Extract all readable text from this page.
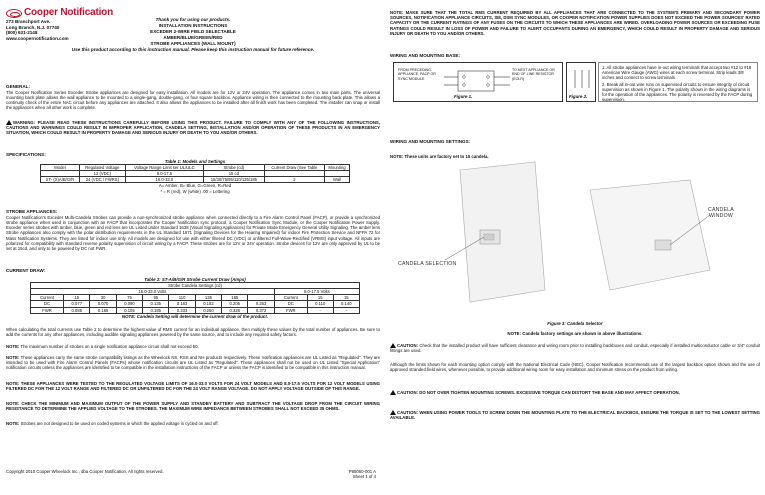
Cooper Notification
273 Branchport Ave.
Long Branch, N.J. 07740
(800) 631-2148
www.coopernotification.com
Thank you for using our products.
INSTALLATION INSTRUCTIONS
EXCEDER 2-WIRE FIELD SELECTABLE
AMBER/BLUE/GREEN/RED
STROBE APPLIANCES (WALL MOUNT)
Use this product according to this instruction manual. Please keep this instruction manual for future reference.
GENERAL:
The Cooper Notification Series Exceder Strobe appliances are designed for easy installation. All models are for 12V or 24V operation. The appliance comes in two main parts. The universal mounting back plate allows the wall appliance to be mounted to a single-gang, double-gang, or four square backbox. Appliance wiring is then connected to the mounting back plate. This allows a continuity check of the entire NAC circuit before any appliances are attached. It also allows the appliances to be installed after all finish work has been completed. The installer can snap or install the appliances when all other work is complete.
WARNING: PLEASE READ THESE INSTRUCTIONS CAREFULLY BEFORE USING THIS PRODUCT. FAILURE TO COMPLY WITH ANY OF THE FOLLOWING INSTRUCTIONS, CAUTIONS AND WARNINGS COULD RESULT IN IMPROPER APPLICATION, CANDELA SETTING, INSTALLATION AND/OR OPERATION OF THESE PRODUCTS IN AN EMERGENCY SITUATION, WHICH COULD RESULT IN PROPERTY DAMAGE AND SERIOUS INJURY OR DEATH TO YOU AND/OR OTHERS.
SPECIFICATIONS:
Table 1: Models and Settings
Model	Regulated Voltage	Voltage Range Limit ser UL/ULC	Strobe (cd)	Current Draw (See Table	Mounting
	12 (VDC)	8.0-17.5	15 cd		
ST- (X)A/B/G/R	24 (VDC / FWRS)	16.0-33.0	15/30/75/95/110/135/185	2	Wall
A= Amber, B= Blue, G=Green, R=Red
* = R (red), W (white) .00 = Lettering
STROBE APPLIANCES:
Cooper Notification's Exceder Multi-Candela Strobes can provide a non-synchronized strobe appliance when connected directly to a Fire Alarm Control Panel (FACP), or provide a synchronized strobe appliance when used in conjunction with an FACP that incorporates the Cooper Notification sync protocol, a Cooper Notification Sync Module, or the Cooper Notification Power Supply. Exceder series strobes with amber, blue, green and red lens are UL Listed under Standard 1638 (Visual Signaling Appliances) for Private Mode Emergency General Utility Signaling. The amber lens Strobe Appliances also comply with the polar distribution requirements in the UL Standard 1971 (Signaling Devices for the Hearing Impaired) for indoor Fire Protection Service and NFPA 72 for Mass Notification Systems. They are listed for indoor use only. All models are designed for use with either filtered DC (VDC) or unfiltered Full-Wave-Rectified (VRMS) input voltage. All inputs are polarized for compatibility with standard reverse polarity supervision of circuit wiring by a FACP. These strobes are for 12V or 24V operation. Strobe devices for 12V are only approved by UL to be set at 15cd, and only to be powered by DC not FWR.
CURRENT DRAW:
Table 2: ST-A/B/G/R Strobe Current Draw (Amps)
Strobe Candela Settings (cd)											
16.0-33.0 Volts									8.0-17.5 Volts		
Current	15	30	75	95	110	135	185		Current	15	15
DC	0.077	0.070	0.090	0.135	0.163	0.182	0.205	0.253	DC	0.110	0.140
FWR	0.085	0.165	0.105	0.185	0.233	0.250	0.328	0.372	FWR	-	-
NOTE: Candela Setting will determine the current draw of the product.
When calculating the total currents use Table 2 to determine the highest value of RMS current for an individual appliance, then multiply these values by the total number of appliances. Be sure to add the currents for any other appliances, including audible signaling appliances powered by the same source, and to include any required safety factors.
NOTE: The maximum number of strobes on a single notification appliance circuit shall not exceed 50.
NOTE: These appliances carry the same strobe compatibility listings as the Wheelock NS, RSS and NH products respectively. These notification appliances are UL Listed as "Regulated". They are intended to be used with Fire Alarm Control Panels (FACPs) whose notification circuits are UL Listed as "Regulated". These appliances shall not be used on UL Listed "Special Application" notification circuits unless the appliances are identified to be compatible in the installation instructions of the FACP or unless the FACP is identified to be compatible in this instruction manual.
NOTE: THESE APPLIANCES WERE TESTED TO THE REGULATED VOLTAGE LIMITS OF 16.0-33.0 VOLTS FOR 24 VOLT MODELS AND 8.0-17.5 VOLTS FOR 12 VOLT MODELS USING FILTERED DC FOR THE 12 VOLT RANGE AND FILTERED DC OR UNFILTERED DC FOR THE 24 VOLT RANGE VOLTAGE. DO NOT APPLY VOLTAGE OUTSIDE OF THIS RANGE.
NOTE: CHECK THE MINIMUM AND MAXIMUM OUTPUT OF THE POWER SUPPLY AND STANDBY BATTERY AND SUBTRACT THE VOLTAGE DROP FROM THE CIRCUIT WIRING RESISTANCE TO DETERMINE THE APPLIED VOLTAGE TO THE STROBES. THE MAXIMUM WIRE IMPEDANCE BETWEEN STROBES SHALL NOT EXCEED 35 OHMS.
NOTE: Strobes are not designed to be used on coded systems in which the applied voltage is cycled on and off.
Copyright 2010 Cooper Wheelock Inc., dba Cooper Notification. All rights reserved.	P85060-001 A
Sheet 1 of 4
NOTE: MAKE SURE THAT THE TOTAL RMS CURRENT REQUIRED BY ALL APPLIANCES THAT ARE CONNECTED TO THE SYSTEM'S PRIMARY AND SECONDARY POWER SOURCES, NOTIFICATION APPLIANCE CIRCUITS, SM, DSM SYNC MODULES, OR COOPER NOTIFICATION POWER SUPPLIES DOES NOT EXCEED THE POWER SOURCES' RATED CAPACITY OR THE CURRENT RATINGS OF ANY FUSES ON THE CIRCUITS TO WHICH THESE APPLIANCES ARE WIRED. OVERLOADING POWER SOURCES OR EXCEEDING FUSE RATINGS COULD RESULT IN LOSS OF POWER AND FAILURE TO ALERT OCCUPANTS DURING AN EMERGENCY, WHICH COULD RESULT IN PROPERTY DAMAGE AND SERIOUS INJURY OR DEATH TO YOU AND/OR OTHERS.
WIRING AND MOUNTING BASE:
FROM PRECEDING APPLIANCE, FACP OR SYNC MODULE
TO NEXT APPLIANCE OR END OF LINE RESISTOR (EOLR)
Figure 1.	Figure 2.
1. All strobe appliances have in-out wiring terminals that accept two #12 to #18 American Wire Gauge (AWG) wires at each screw terminal. Strip leads 3/8 inches and connect to screw terminals.
2. Break all in-out wire runs on supervised circuits to ensure integrity of circuit supervision as shown in Figure 1. The polarity shown in the wiring diagrams is for the operation of the appliances. The polarity is reversed by the FACP during supervision.
WIRING AND MOUNTING SETTINGS:
NOTE: These units are factory set to 15 candela.
CANDELA SELECTION
CANDELA
WINDOW
Figure 3: Candela Selector
NOTE: Candela factory settings are shown in above illustrations.
CAUTION: Check that the installed product will have sufficient clearance and wiring room prior to installing backboxes and conduit, especially if installed multiconductor cable or 3/4" conduit fittings are used.
Although the limits shown for each mounting option comply with the National Electrical Code (NEC), Cooper Notification recommends use of the largest backbox option shown and the use of approved stranded field wires, whenever possible, to provide additional wiring room for easy installation and minimum stress on the product from wiring.
CAUTION: DO NOT OVER TIGHTEN MOUNTING SCREWS. EXCESSIVE TORQUE CAN DISTORT THE BASE AND MAY AFFECT OPERATION.
CAUTION: WHEN USING POWER TOOLS TO SCREW DOWN THE MOUNTING PLATE TO THE ELECTRICAL BACKBOX, ENSURE THE TORQUE IS SET TO THE LOWEST SETTING AVAILABLE.
